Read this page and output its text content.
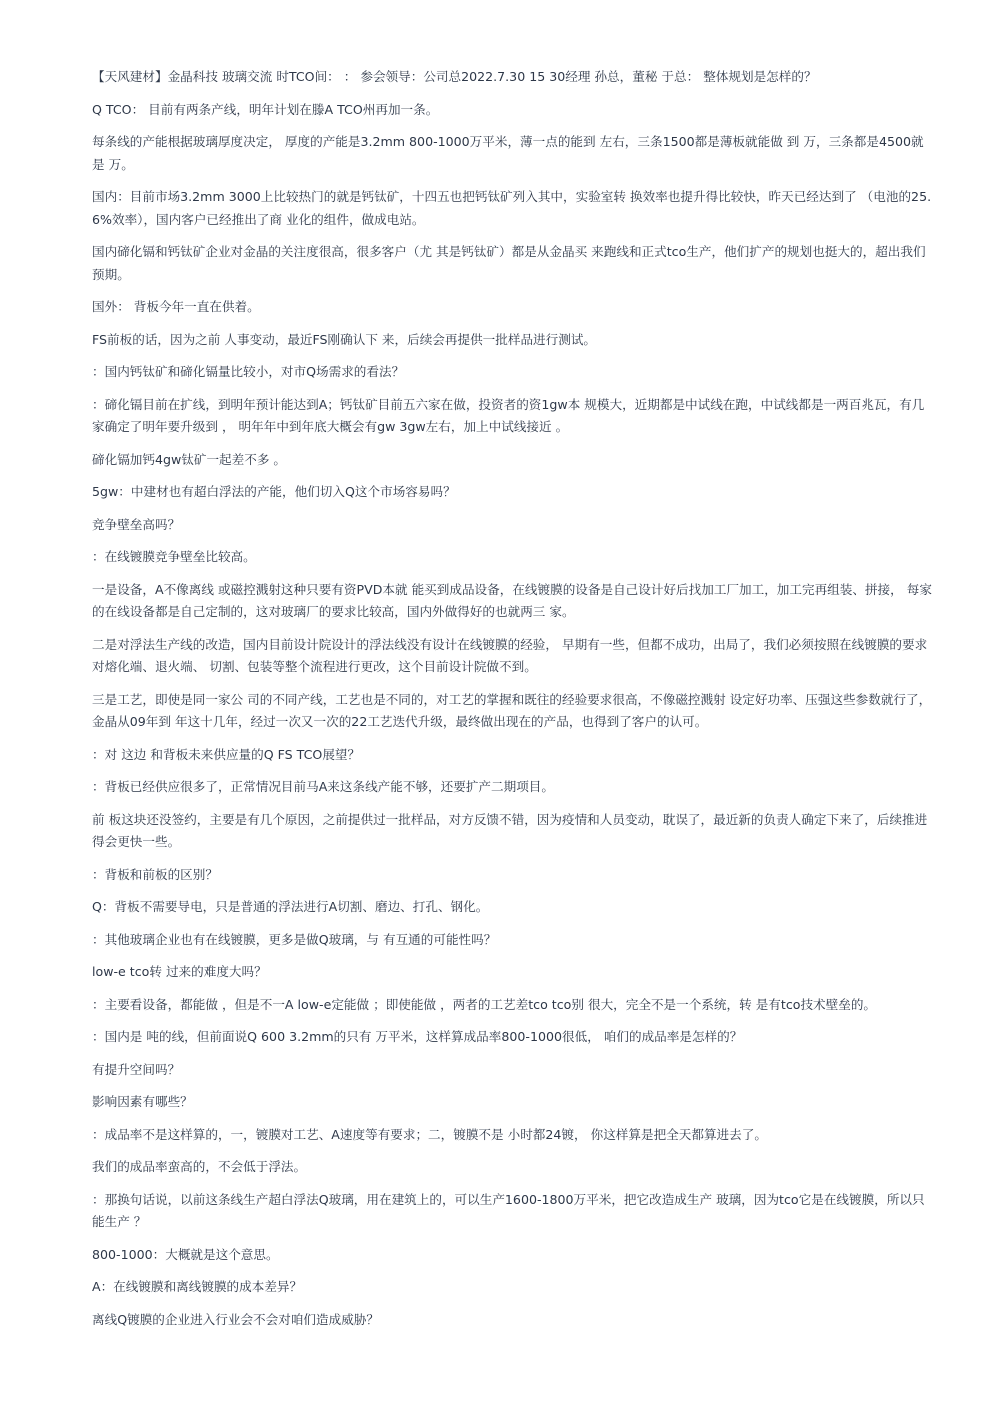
【天风建材】金晶科技 玻璃交流 时TCO间： ： 参会领导：公司总2022.7.30 15 30经理 孙总，董秘 于总： 整体规划是怎样的？

Q TCO： 目前有两条产线，明年计划在滕A TCO州再加一条。

每条线的产能根据玻璃厚度决定， 厚度的产能是3.2mm 800-1000万平米，薄一点的能到 左右，三条1500都是薄板就能做 到 万，三条都是4500就是 万。

国内：目前市场3.2mm 3000上比较热门的就是钙钛矿，十四五也把钙钛矿列入其中，实验室转 换效率也提升得比较快，昨天已经达到了 （电池的25.6%效率），国内客户已经推出了商 业化的组件，做成电站。

国内碲化镉和钙钛矿企业对金晶的关注度很高，很多客户（尤 其是钙钛矿）都是从金晶买 来跑线和正式tco生产，他们扩产的规划也挺大的，超出我们预期。

国外： 背板今年一直在供着。

FS前板的话，因为之前 人事变动，最近FS刚确认下 来，后续会再提供一批样品进行测试。

：国内钙钛矿和碲化镉量比较小，对市Q场需求的看法？

：碲化镉目前在扩线，到明年预计能达到A；钙钛矿目前五六家在做，投资者的资1gw本 规模大，近期都是中试线在跑，中试线都是一两百兆瓦，有几家确定了明年要升级到 ， 明年年中到年底大概会有gw 3gw左右，加上中试线接近 。

碲化镉加钙4gw钛矿一起差不多 。

5gw：中建材也有超白浮法的产能，他们切入Q这个市场容易吗？

竞争壁垒高吗？

：在线镀膜竞争壁垒比较高。

一是设备，A不像离线 或磁控溅射这种只要有资PVD本就 能买到成品设备，在线镀膜的设备是自己设计好后找加工厂加工，加工完再组装、拼接， 每家的在线设备都是自己定制的，这对玻璃厂的要求比较高，国内外做得好的也就两三 家。

二是对浮法生产线的改造，国内目前设计院设计的浮法线没有设计在线镀膜的经验， 早期有一些，但都不成功，出局了，我们必须按照在线镀膜的要求对熔化端、退火端、 切割、包装等整个流程进行更改，这个目前设计院做不到。

三是工艺，即使是同一家公 司的不同产线，工艺也是不同的，对工艺的掌握和既往的经验要求很高，不像磁控溅射 设定好功率、压强这些参数就行了，金晶从09年到 年这十几年，经过一次又一次的22工艺迭代升级，最终做出现在的产品，也得到了客户的认可。

：对 这边 和背板未来供应量的Q FS TCO展望？

：背板已经供应很多了，正常情况目前马A来这条线产能不够，还要扩产二期项目。

前 板这块还没签约，主要是有几个原因，之前提供过一批样品，对方反馈不错，因为疫情和人员变动，耽误了，最近新的负责人确定下来了，后续推进得会更快一些。

：背板和前板的区别？

Q：背板不需要导电，只是普通的浮法进行A切割、磨边、打孔、钢化。

：其他玻璃企业也有在线镀膜，更多是做Q玻璃，与 有互通的可能性吗？

low-e tco转 过来的难度大吗？

：主要看设备，都能做 ，但是不一A low-e定能做 ；即使能做 ，两者的工艺差tco tco别 很大，完全不是一个系统，转 是有tco技术壁垒的。

：国内是 吨的线，但前面说Q 600 3.2mm的只有 万平米，这样算成品率800-1000很低， 咱们的成品率是怎样的？

有提升空间吗？

影响因素有哪些？

：成品率不是这样算的，一，镀膜对工艺、A速度等有要求；二，镀膜不是 小时都24镀， 你这样算是把全天都算进去了。

我们的成品率蛮高的，不会低于浮法。

：那换句话说，以前这条线生产超白浮法Q玻璃，用在建筑上的，可以生产1600-1800万平米，把它改造成生产 玻璃，因为tco它是在线镀膜，所以只能生产 ？

800-1000：大概就是这个意思。

A：在线镀膜和离线镀膜的成本差异？

离线Q镀膜的企业进入行业会不会对咱们造成威胁？
